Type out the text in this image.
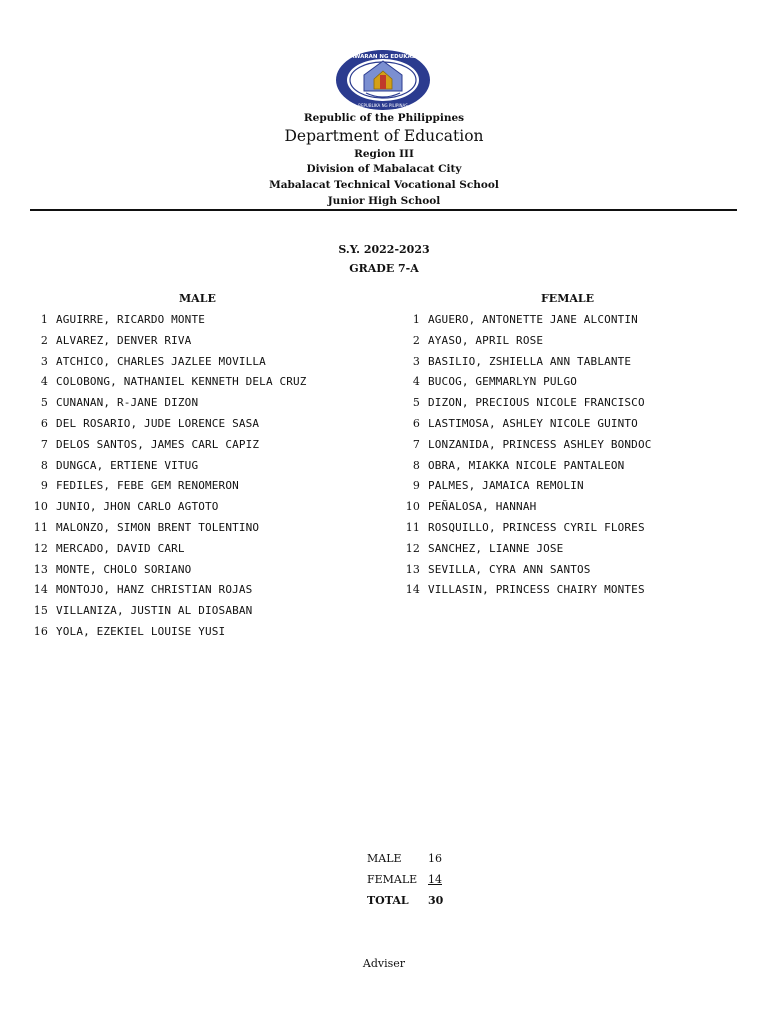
KAGAWARAN NG EDUKASYON
REPUBLIKA NG PILIPINAS
Republic of the Philippines
Department of Education
Region III
Division of Mabalacat City
Mabalacat Technical Vocational School
Junior High School
S.Y. 2022-2023
GRADE 7-A
MALE	FEMALE
1 AGUIRRE, RICARDO MONTE
2 ALVAREZ, DENVER RIVA
3 ATCHICO, CHARLES JAZLEE MOVILLA
4 COLOBONG, NATHANIEL KENNETH DELA CRUZ
5 CUNANAN, R-JANE DIZON
6 DEL ROSARIO, JUDE LORENCE SASA
7 DELOS SANTOS, JAMES CARL CAPIZ
8 DUNGCA, ERTIENE VITUG
9 FEDILES, FEBE GEM RENOMERON
10 JUNIO, JHON CARLO AGTOTO
11 MALONZO, SIMON BRENT TOLENTINO
12 MERCADO, DAVID CARL
13 MONTE, CHOLO SORIANO
14 MONTOJO, HANZ CHRISTIAN ROJAS
15 VILLANIZA, JUSTIN AL DIOSABAN
16 YOLA, EZEKIEL LOUISE YUSI
1 AGUERO, ANTONETTE JANE ALCONTIN
2 AYASO, APRIL ROSE
3 BASILIO, ZSHIELLA ANN TABLANTE
4 BUCOG, GEMMARLYN PULGO
5 DIZON, PRECIOUS NICOLE FRANCISCO
6 LASTIMOSA, ASHLEY NICOLE GUINTO
7 LONZANIDA, PRINCESS ASHLEY BONDOC
8 OBRA, MIAKKA NICOLE PANTALEON
9 PALMES, JAMAICA REMOLIN
10 PEÑALOSA, HANNAH
11 ROSQUILLO, PRINCESS CYRIL FLORES
12 SANCHEZ, LIANNE JOSE
13 SEVILLA, CYRA ANN SANTOS
14 VILLASIN, PRINCESS CHAIRY MONTES
MALE 16
FEMALE 14
TOTAL 30
Adviser
